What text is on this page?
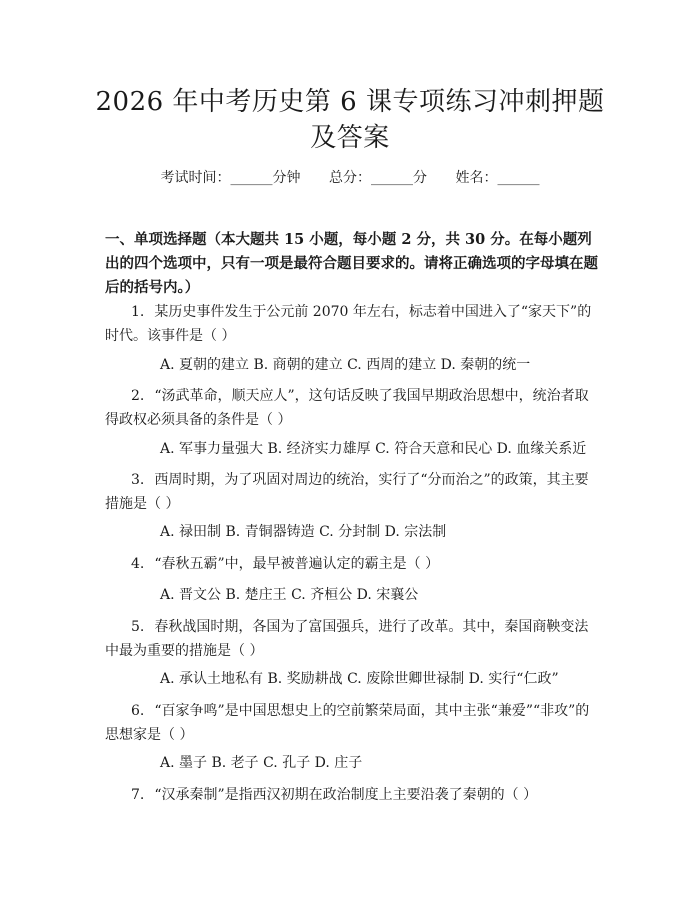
2026 年中考历史第 6 课专项练习冲刺押题及答案
考试时间：______分钟 总分：______分 姓名：______

一、单项选择题（本大题共 15 小题，每小题 2 分，共 30 分。在每小题列出的四个选项中，只有一项是最符合题目要求的。请将正确选项的字母填在题后的括号内。）

1. 某历史事件发生于公元前 2070 年左右，标志着中国进入了“家天下”的时代。该事件是（ ）

A. 夏朝的建立 B. 商朝的建立 C. 西周的建立 D. 秦朝的统一

2. “汤武革命，顺天应人”，这句话反映了我国早期政治思想中，统治者取得政权必须具备的条件是（ ）

A. 军事力量强大 B. 经济实力雄厚 C. 符合天意和民心 D. 血缘关系近

3. 西周时期，为了巩固对周边的统治，实行了“分而治之”的政策，其主要措施是（ ）

A. 禄田制 B. 青铜器铸造 C. 分封制 D. 宗法制

4. “春秋五霸”中，最早被普遍认定的霸主是（ ）

A. 晋文公 B. 楚庄王 C. 齐桓公 D. 宋襄公

5. 春秋战国时期，各国为了富国强兵，进行了改革。其中，秦国商鞅变法中最为重要的措施是（ ）

A. 承认土地私有 B. 奖励耕战 C. 废除世卿世禄制 D. 实行“仁政”

6. “百家争鸣”是中国思想史上的空前繁荣局面，其中主张“兼爱”“非攻”的思想家是（ ）

A. 墨子 B. 老子 C. 孔子 D. 庄子

7. “汉承秦制”是指西汉初期在政治制度上主要沿袭了秦朝的（ ）
